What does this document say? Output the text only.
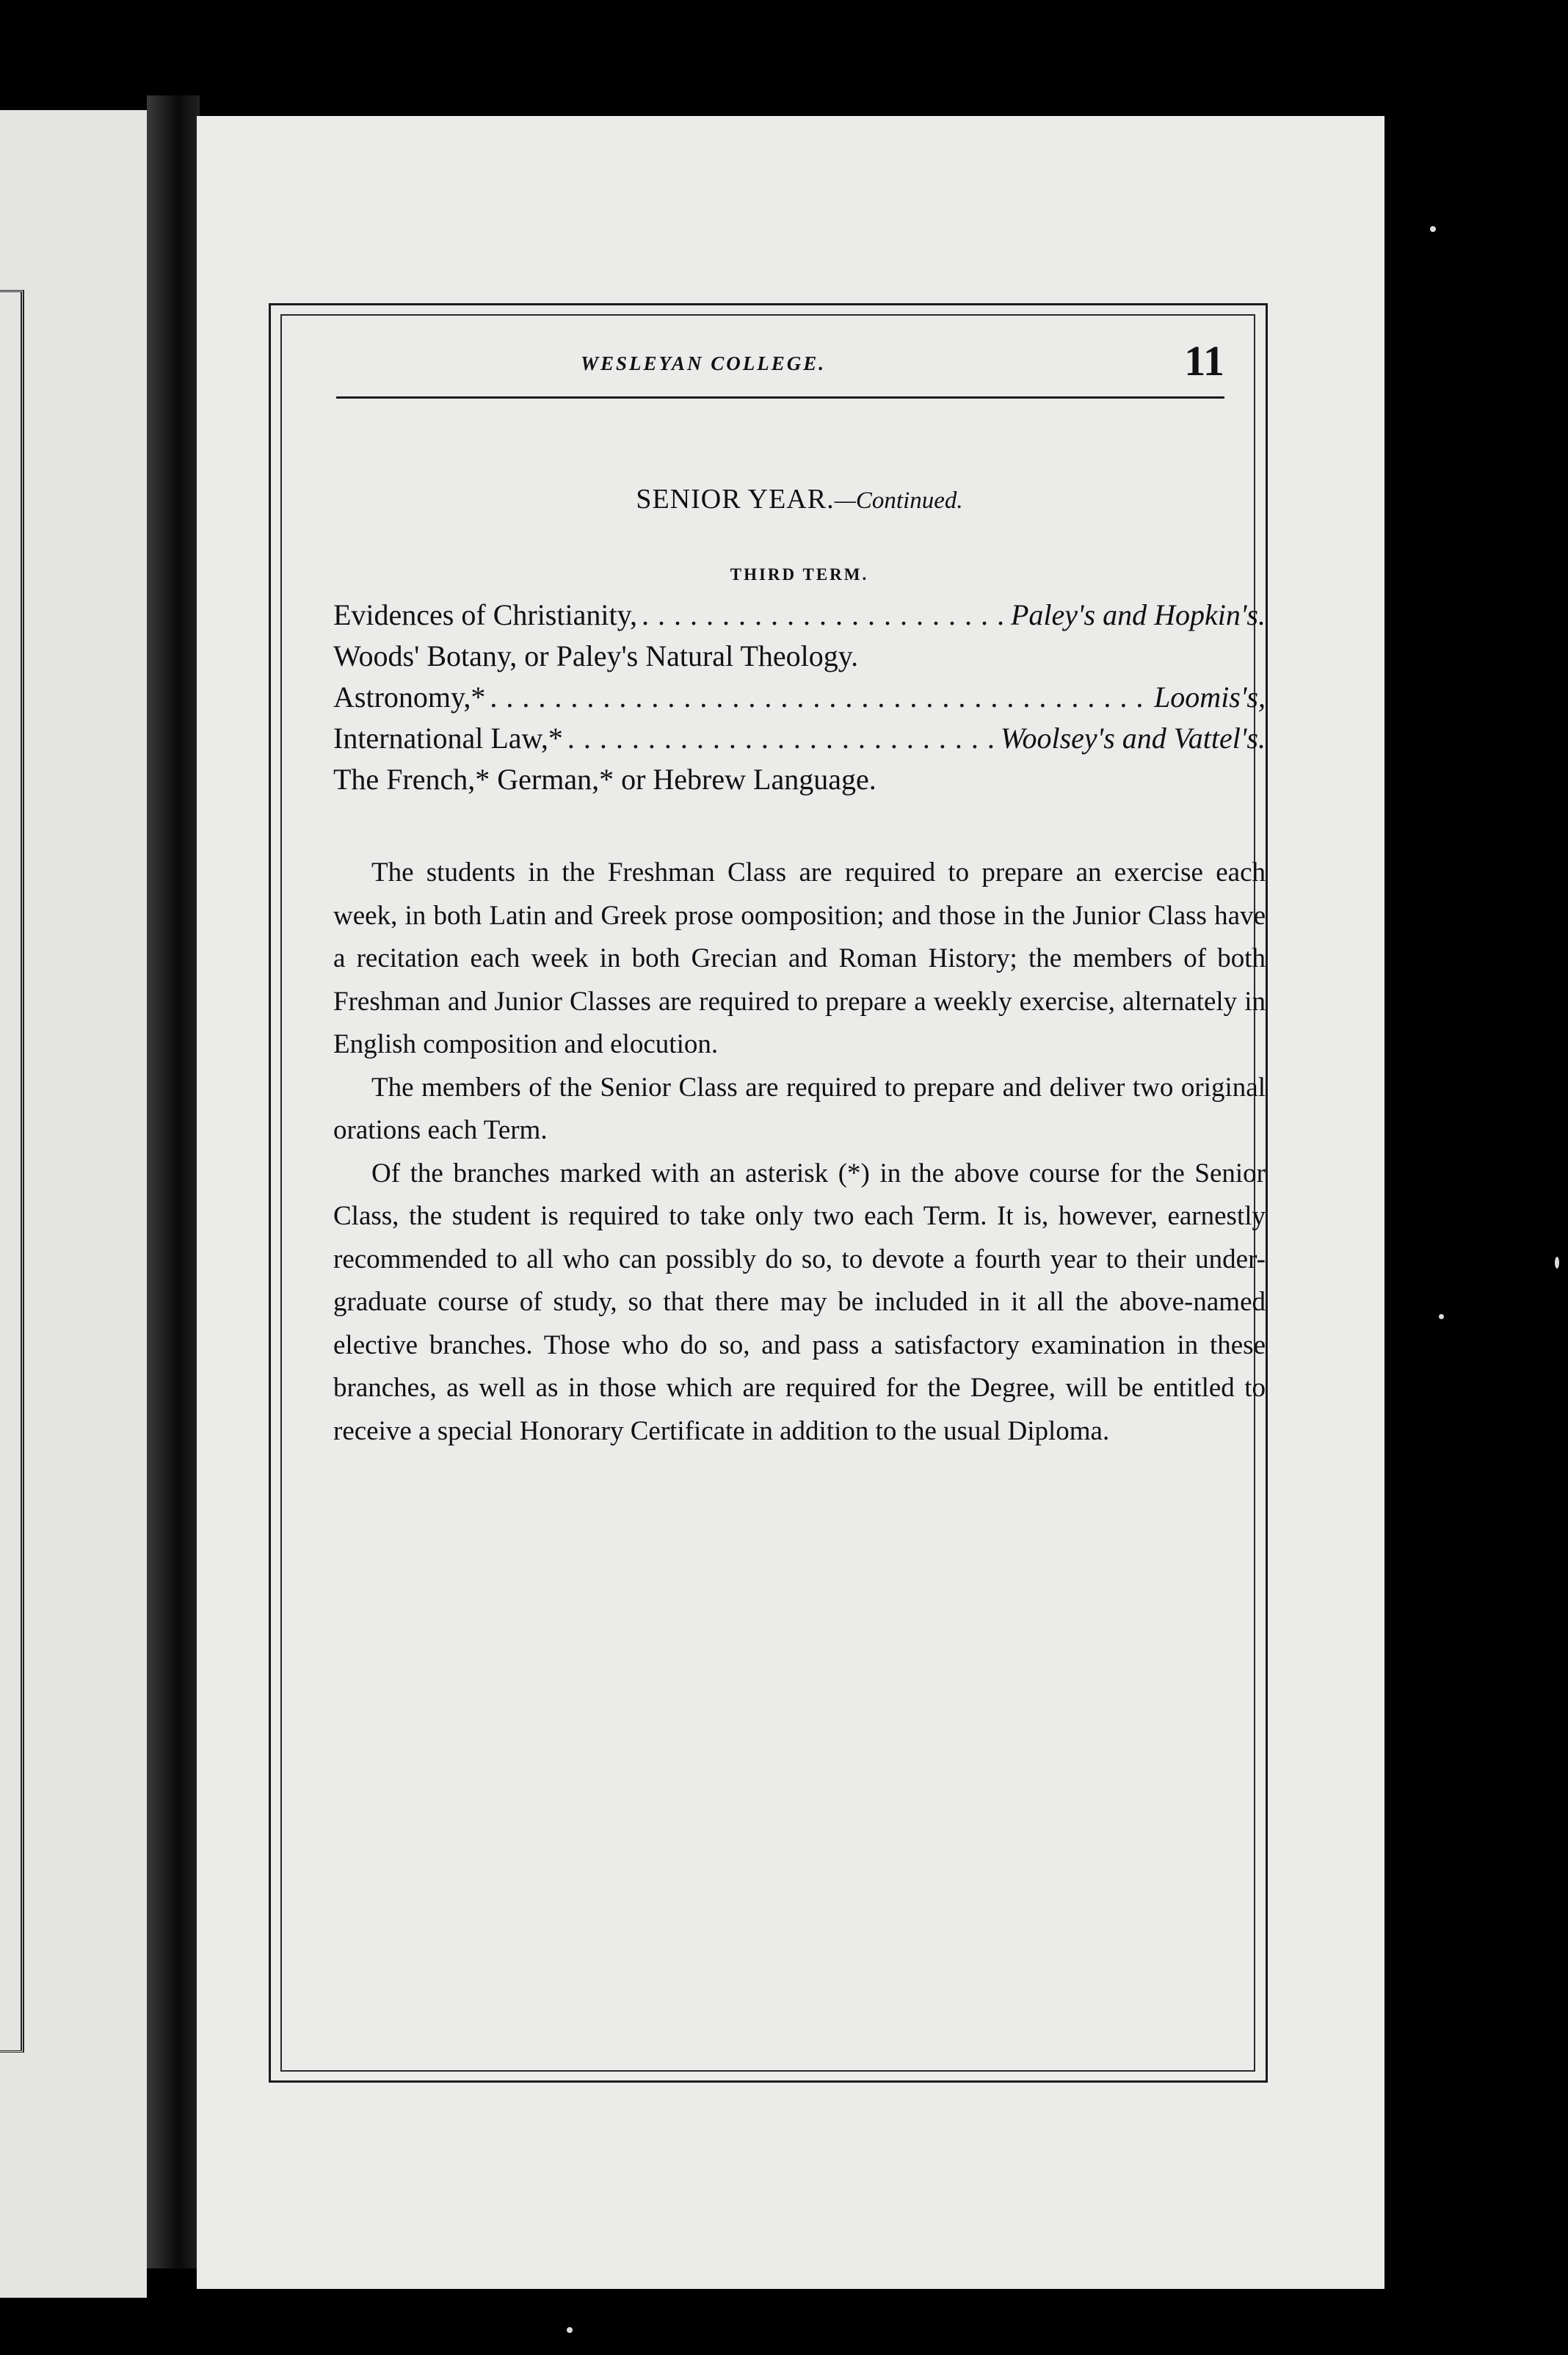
WESLEYAN COLLEGE.	11
SENIOR YEAR.—Continued.
THIRD TERM.
Evidences of Christianity, . . .	Paley's and Hopkin's.
Woods' Botany, or Paley's Natural Theology.
Astronomy,* . . .	Loomis's,
International Law,* . . .	Woolsey's and Vattel's.
The French,* German,* or Hebrew Language.

The students in the Freshman Class are required to prepare an exercise each week, in both Latin and Greek prose oomposition; and those in the Junior Class have a recitation each week in both Grecian and Roman History; the members of both Freshman and Junior Classes are required to prepare a weekly exercise, alternately in English composition and elocution.

The members of the Senior Class are required to prepare and deliver two original orations each Term.

Of the branches marked with an asterisk (*) in the above course for the Senior Class, the student is required to take only two each Term. It is, however, earnestly recommended to all who can possibly do so, to devote a fourth year to their under-graduate course of study, so that there may be included in it all the above-named elective branches. Those who do so, and pass a satisfactory examination in these branches, as well as in those which are required for the Degree, will be entitled to receive a special Honorary Certificate in addition to the usual Diploma.
